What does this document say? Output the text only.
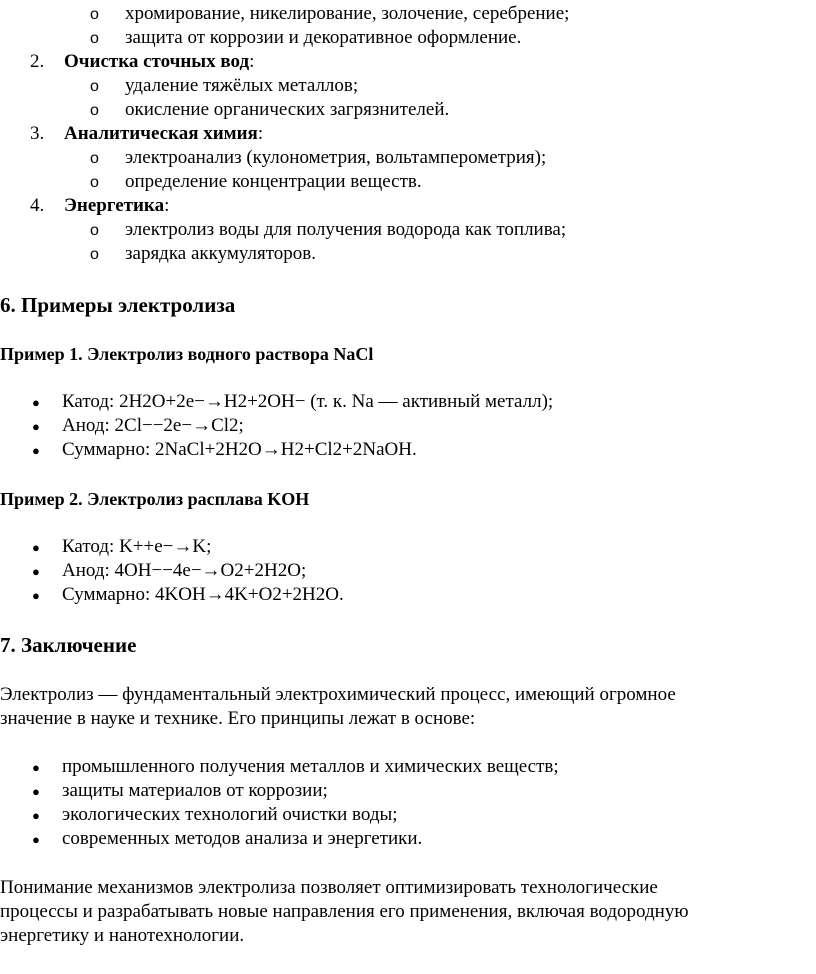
o хромирование, никелирование, золочение, серебрение;
o защита от коррозии и декоративное оформление.
2. Очистка сточных вод:
o удаление тяжёлых металлов;
o окисление органических загрязнителей.
3. Аналитическая химия:
o электроанализ (кулонометрия, вольтамперометрия);
o определение концентрации веществ.
4. Энергетика:
o электролиз воды для получения водорода как топлива;
o зарядка аккумуляторов.
6. Примеры электролиза
Пример 1. Электролиз водного раствора NaCl
● Катод: 2H2O+2e−→H2+2OH− (т. к. Na — активный металл);
● Анод: 2Cl−−2e−→Cl2;
● Суммарно: 2NaCl+2H2O→H2+Cl2+2NaOH.
Пример 2. Электролиз расплава KOH
● Катод: K++e−→K;
● Анод: 4OH−−4e−→O2+2H2O;
● Суммарно: 4KOH→4K+O2+2H2O.
7. Заключение
Электролиз — фундаментальный электрохимический процесс, имеющий огромное
значение в науке и технике. Его принципы лежат в основе:
● промышленного получения металлов и химических веществ;
● защиты материалов от коррозии;
● экологических технологий очистки воды;
● современных методов анализа и энергетики.
Понимание механизмов электролиза позволяет оптимизировать технологические
процессы и разрабатывать новые направления его применения, включая водородную
энергетику и нанотехнологии.
